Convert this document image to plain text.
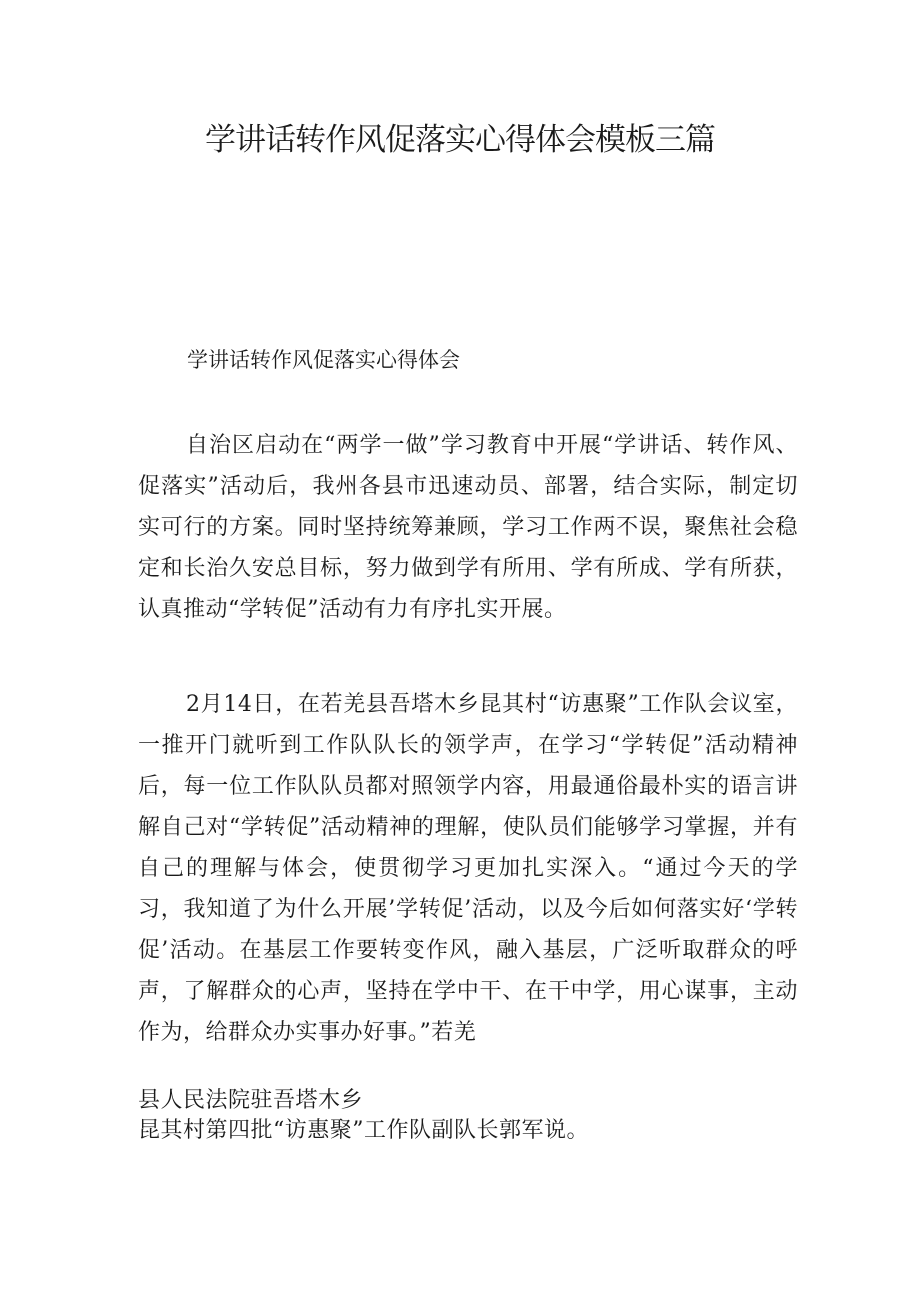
学讲话转作风促落实心得体会模板三篇

学讲话转作风促落实心得体会

自治区启动在“两学一做”学习教育中开展“学讲话、转作风、促落实”活动后，我州各县市迅速动员、部署，结合实际，制定切实可行的方案。同时坚持统筹兼顾，学习工作两不误，聚焦社会稳定和长治久安总目标，努力做到学有所用、学有所成、学有所获，认真推动“学转促”活动有力有序扎实开展。

2月14日，在若羌县吾塔木乡昆其村“访惠聚”工作队会议室，一推开门就听到工作队队长的领学声，在学习“学转促”活动精神后，每一位工作队队员都对照领学内容，用最通俗最朴实的语言讲解自己对“学转促”活动精神的理解，使队员们能够学习掌握，并有自己的理解与体会，使贯彻学习更加扎实深入。“通过今天的学习，我知道了为什么开展’学转促’活动，以及今后如何落实好‘学转促’活动。在基层工作要转变作风，融入基层，广泛听取群众的呼声，了解群众的心声，坚持在学中干、在干中学，用心谋事，主动作为，给群众办实事办好事。”若羌

县人民法院驻吾塔木乡

昆其村第四批“访惠聚”工作队副队长郭军说。
